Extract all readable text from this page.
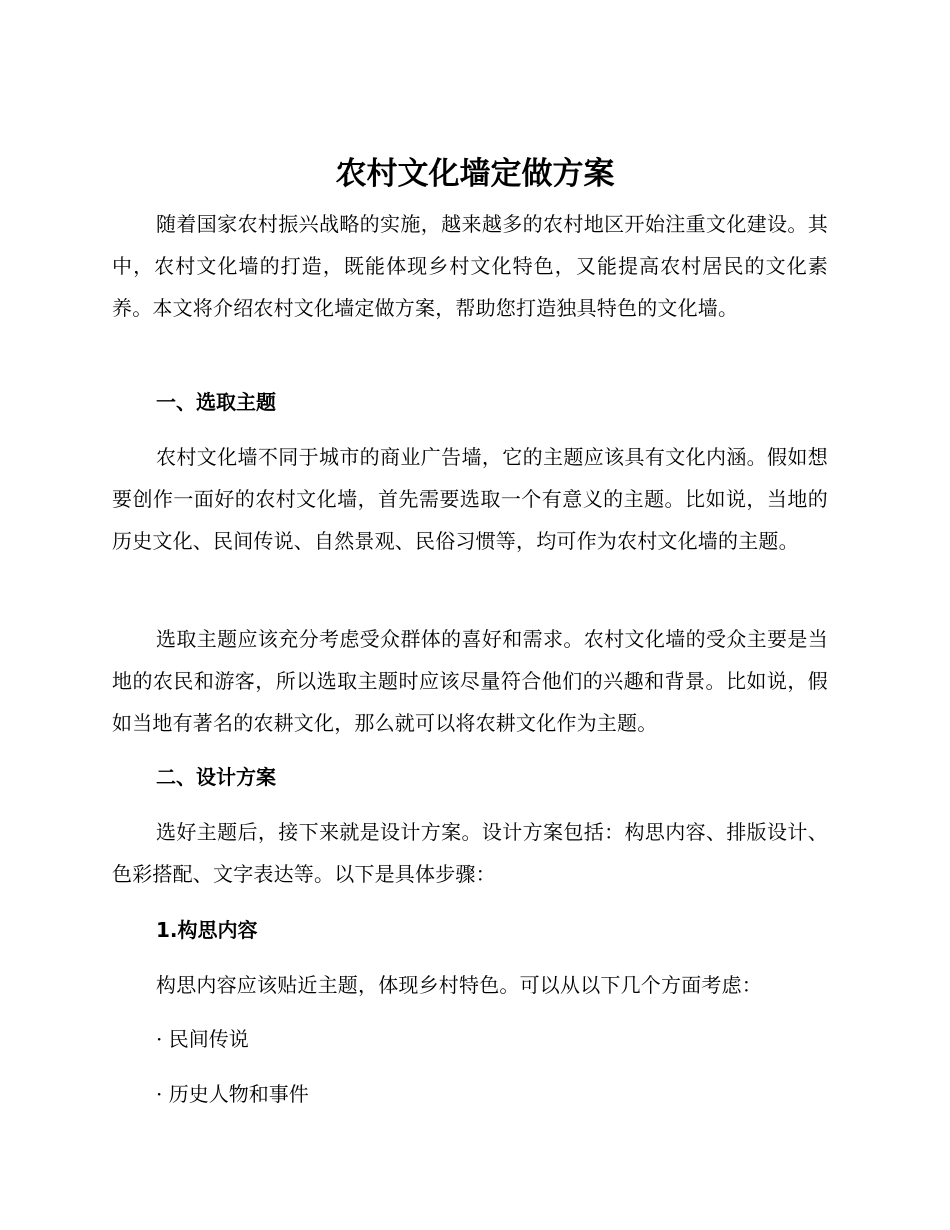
农村文化墙定做方案

随着国家农村振兴战略的实施，越来越多的农村地区开始注重文化建设。其中，农村文化墙的打造，既能体现乡村文化特色，又能提高农村居民的文化素养。本文将介绍农村文化墙定做方案，帮助您打造独具特色的文化墙。

一、选取主题

农村文化墙不同于城市的商业广告墙，它的主题应该具有文化内涵。假如想要创作一面好的农村文化墙，首先需要选取一个有意义的主题。比如说，当地的历史文化、民间传说、自然景观、民俗习惯等，均可作为农村文化墙的主题。

选取主题应该充分考虑受众群体的喜好和需求。农村文化墙的受众主要是当地的农民和游客，所以选取主题时应该尽量符合他们的兴趣和背景。比如说，假如当地有著名的农耕文化，那么就可以将农耕文化作为主题。

二、设计方案

选好主题后，接下来就是设计方案。设计方案包括：构思内容、排版设计、色彩搭配、文字表达等。以下是具体步骤：

1.构思内容

构思内容应该贴近主题，体现乡村特色。可以从以下几个方面考虑：

· 民间传说

· 历史人物和事件
